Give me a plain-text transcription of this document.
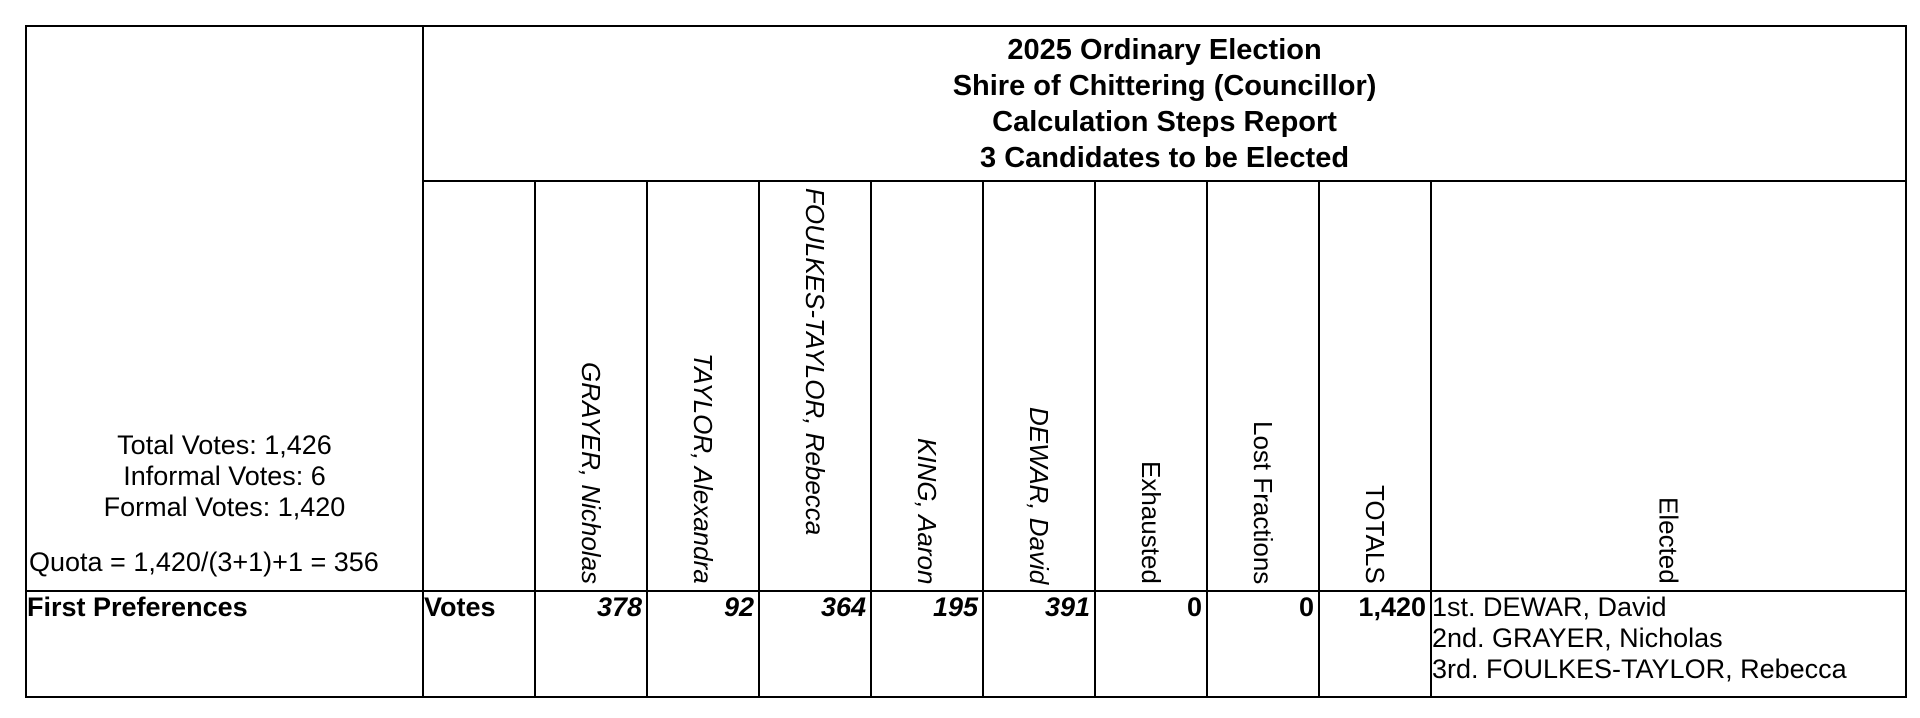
Total Votes: 1,426
Informal Votes: 6
Formal Votes: 1,420
Quota = 1,420/(3+1)+1 = 356	2025 Ordinary Election
Shire of Chittering (Councillor)
Calculation Steps Report
3 Candidates to be Elected									

		GRAYER, Nicholas	TAYLOR, Alexandra	FOULKES-TAYLOR, Rebecca	KING, Aaron	DEWAR, David	Exhausted	Lost Fractions	TOTALS	Elected

First Preferences	Votes	378	92	364	195	391	0	0	1,420	1st. DEWAR, David
2nd. GRAYER, Nicholas
3rd. FOULKES-TAYLOR, Rebecca
